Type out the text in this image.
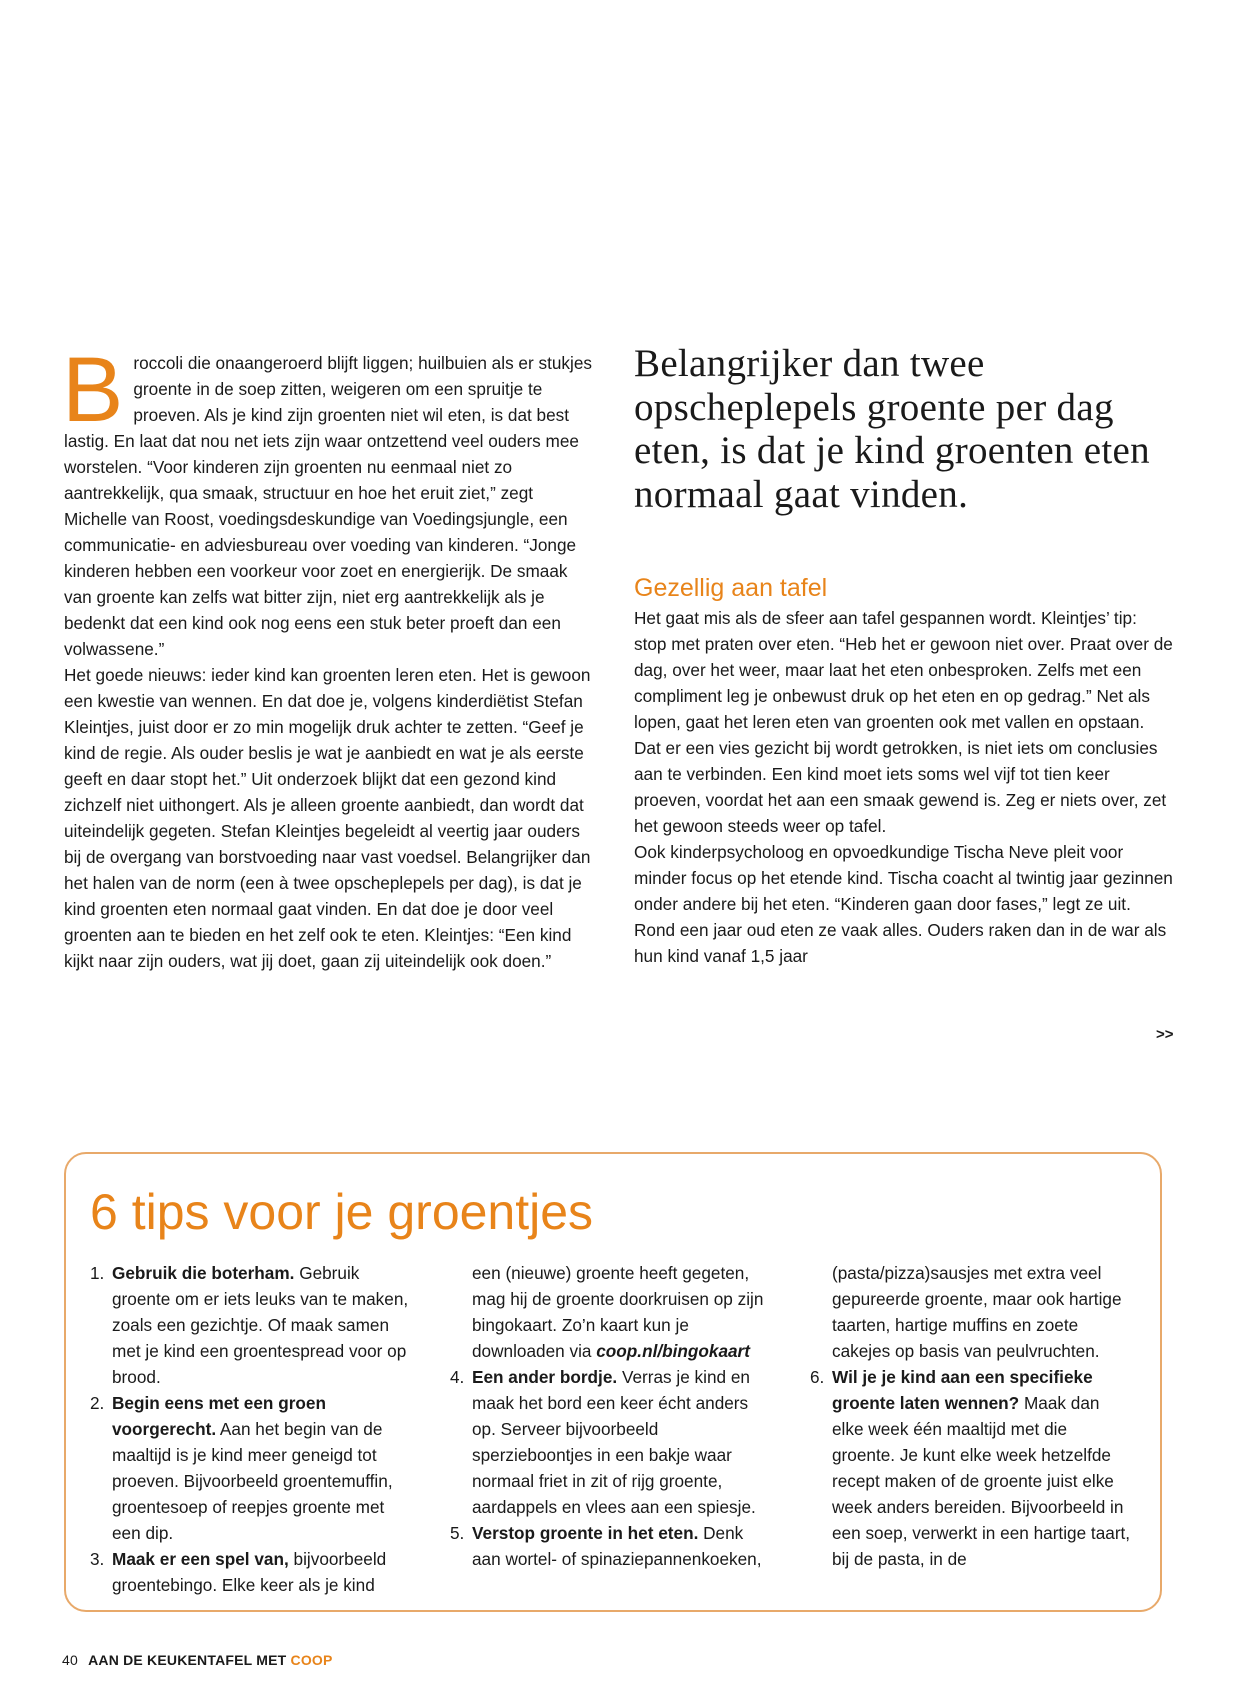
B roccoli die onaangeroerd blijft liggen; huilbuien als er stukjes groente in de soep zitten, weigeren om een spruitje te proeven. Als je kind zijn groenten niet wil eten, is dat best lastig. En laat dat nou net iets zijn waar ontzettend veel ouders mee worstelen. “Voor kinderen zijn groenten nu eenmaal niet zo aantrekkelijk, qua smaak, structuur en hoe het eruit ziet,” zegt Michelle van Roost, voedingsdeskundige van Voedingsjungle, een communicatie- en adviesbureau over voeding van kinderen. “Jonge kinderen hebben een voorkeur voor zoet en energierijk. De smaak van groente kan zelfs wat bitter zijn, niet erg aantrekkelijk als je bedenkt dat een kind ook nog eens een stuk beter proeft dan een volwassene.”

Het goede nieuws: ieder kind kan groenten leren eten. Het is gewoon een kwestie van wennen. En dat doe je, volgens kinderdiëtist Stefan Kleintjes, juist door er zo min mogelijk druk achter te zetten. “Geef je kind de regie. Als ouder beslis je wat je aanbiedt en wat je als eerste geeft en daar stopt het.” Uit onderzoek blijkt dat een gezond kind zichzelf niet uithongert. Als je alleen groente aanbiedt, dan wordt dat uiteindelijk gegeten. Stefan Kleintjes begeleidt al veertig jaar ouders bij de overgang van borstvoeding naar vast voedsel. Belangrijker dan het halen van de norm (een à twee opscheplepels per dag), is dat je kind groenten eten normaal gaat vinden. En dat doe je door veel groenten aan te bieden en het zelf ook te eten. Kleintjes: “Een kind kijkt naar zijn ouders, wat jij doet, gaan zij uiteindelijk ook doen.”

Belangrijker dan twee opscheplepels groente per dag eten, is dat je kind groenten eten normaal gaat vinden.
Gezellig aan tafel

Het gaat mis als de sfeer aan tafel gespannen wordt. Kleintjes’ tip: stop met praten over eten. “Heb het er gewoon niet over. Praat over de dag, over het weer, maar laat het eten onbesproken. Zelfs met een compliment leg je onbewust druk op het eten en op gedrag.” Net als lopen, gaat het leren eten van groenten ook met vallen en opstaan. Dat er een vies gezicht bij wordt getrokken, is niet iets om conclusies aan te verbinden. Een kind moet iets soms wel vijf tot tien keer proeven, voordat het aan een smaak gewend is. Zeg er niets over, zet het gewoon steeds weer op tafel.

Ook kinderpsycholoog en opvoedkundige Tischa Neve pleit voor minder focus op het etende kind. Tischa coacht al twintig jaar gezinnen onder andere bij het eten. “Kinderen gaan door fases,” legt ze uit. Rond een jaar oud eten ze vaak alles. Ouders raken dan in de war als hun kind vanaf 1,5 jaar

>>
6 tips voor je groentjes
1. Gebruik die boterham. Gebruik groente om er iets leuks van te maken, zoals een gezichtje. Of maak samen met je kind een groentespread voor op brood.
2. Begin eens met een groen voorgerecht. Aan het begin van de maaltijd is je kind meer geneigd tot proeven. Bijvoorbeeld groentemuffin, groentesoep of reepjes groente met een dip.
3. Maak er een spel van, bijvoorbeeld groentebingo. Elke keer als je kind
een (nieuwe) groente heeft gegeten, mag hij de groente doorkruisen op zijn bingokaart. Zo’n kaart kun je downloaden via coop.nl/bingokaart
4. Een ander bordje. Verras je kind en maak het bord een keer écht anders op. Serveer bijvoorbeeld sperzieboontjes in een bakje waar normaal friet in zit of rijg groente, aardappels en vlees aan een spiesje.
5. Verstop groente in het eten. Denk aan wortel- of spinaziepannenkoeken,
(pasta/pizza)sausjes met extra veel gepureerde groente, maar ook hartige taarten, hartige muffins en zoete cakejes op basis van peulvruchten.
6. Wil je je kind aan een specifieke groente laten wennen? Maak dan elke week één maaltijd met die groente. Je kunt elke week hetzelfde recept maken of de groente juist elke week anders bereiden. Bijvoorbeeld in een soep, verwerkt in een hartige taart, bij de pasta, in de
40 AAN DE KEUKENTAFEL MET COOP
